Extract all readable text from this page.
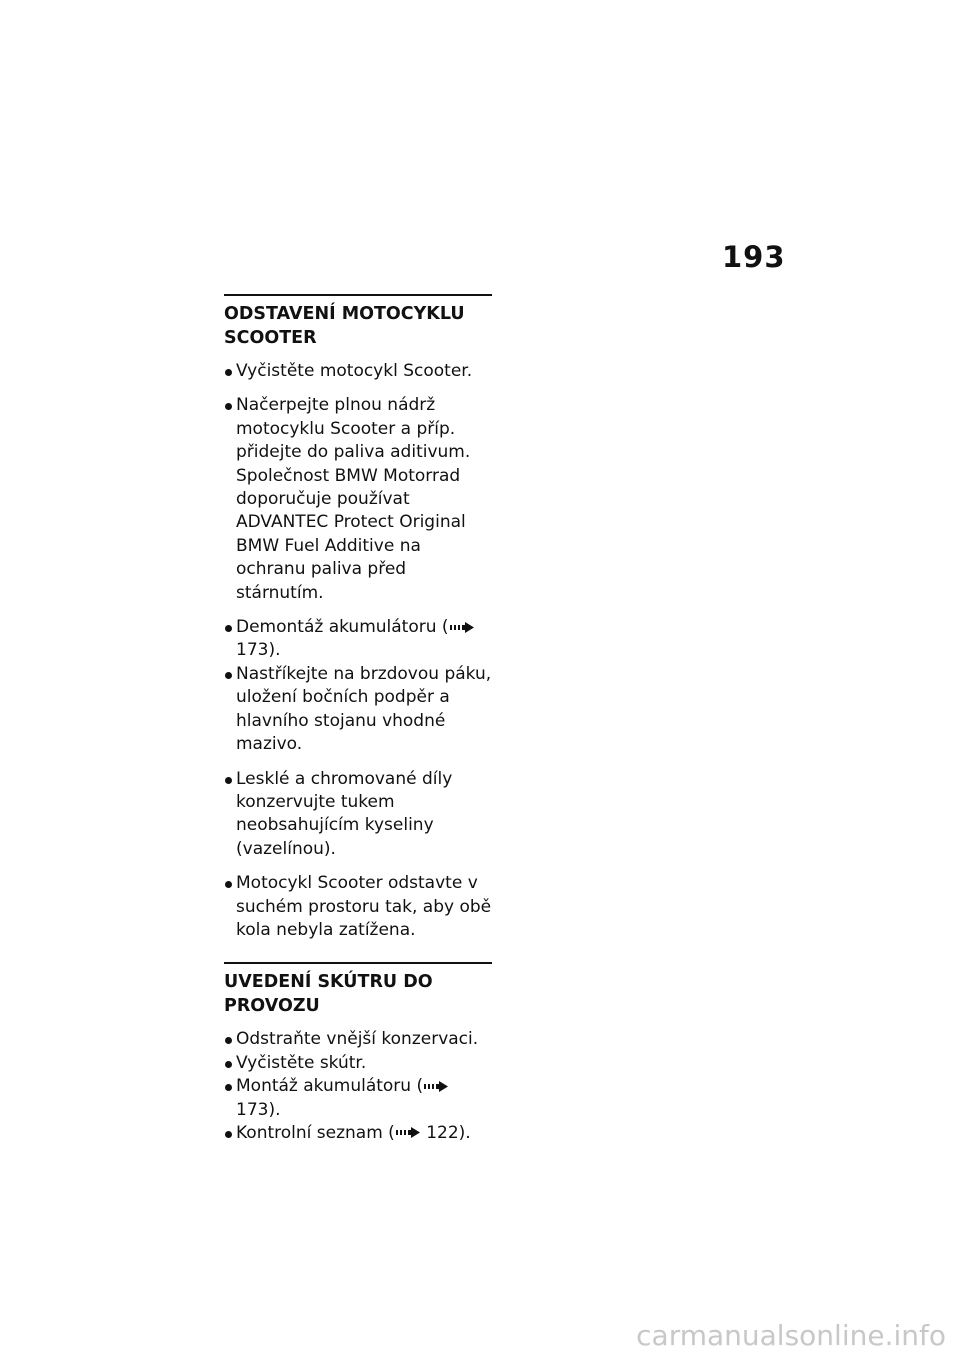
193
ODSTAVENÍ MOTOCYKLU SCOOTER
Vyčistěte motocykl Scooter.
Načerpejte plnou nádrž motocyklu Scooter a příp. přidejte do paliva aditivum. Společnost BMW Motorrad doporučuje používat ADVANTEC Protect Original BMW Fuel Additive na ochranu paliva před stárnutím.
Demontáž akumulátoru ( 173).
Nastříkejte na brzdovou páku, uložení bočních podpěr a hlavního stojanu vhodné mazivo.
Lesklé a chromované díly konzervujte tukem neobsahujícím kyseliny (vazelínou).
Motocykl Scooter odstavte v suchém prostoru tak, aby obě kola nebyla zatížena.
UVEDENÍ SKÚTRU DO PROVOZU
Odstraňte vnější konzervaci.
Vyčistěte skútr.
Montáž akumulátoru ( 173).
Kontrolní seznam ( 122).
carmanualsonline.info
